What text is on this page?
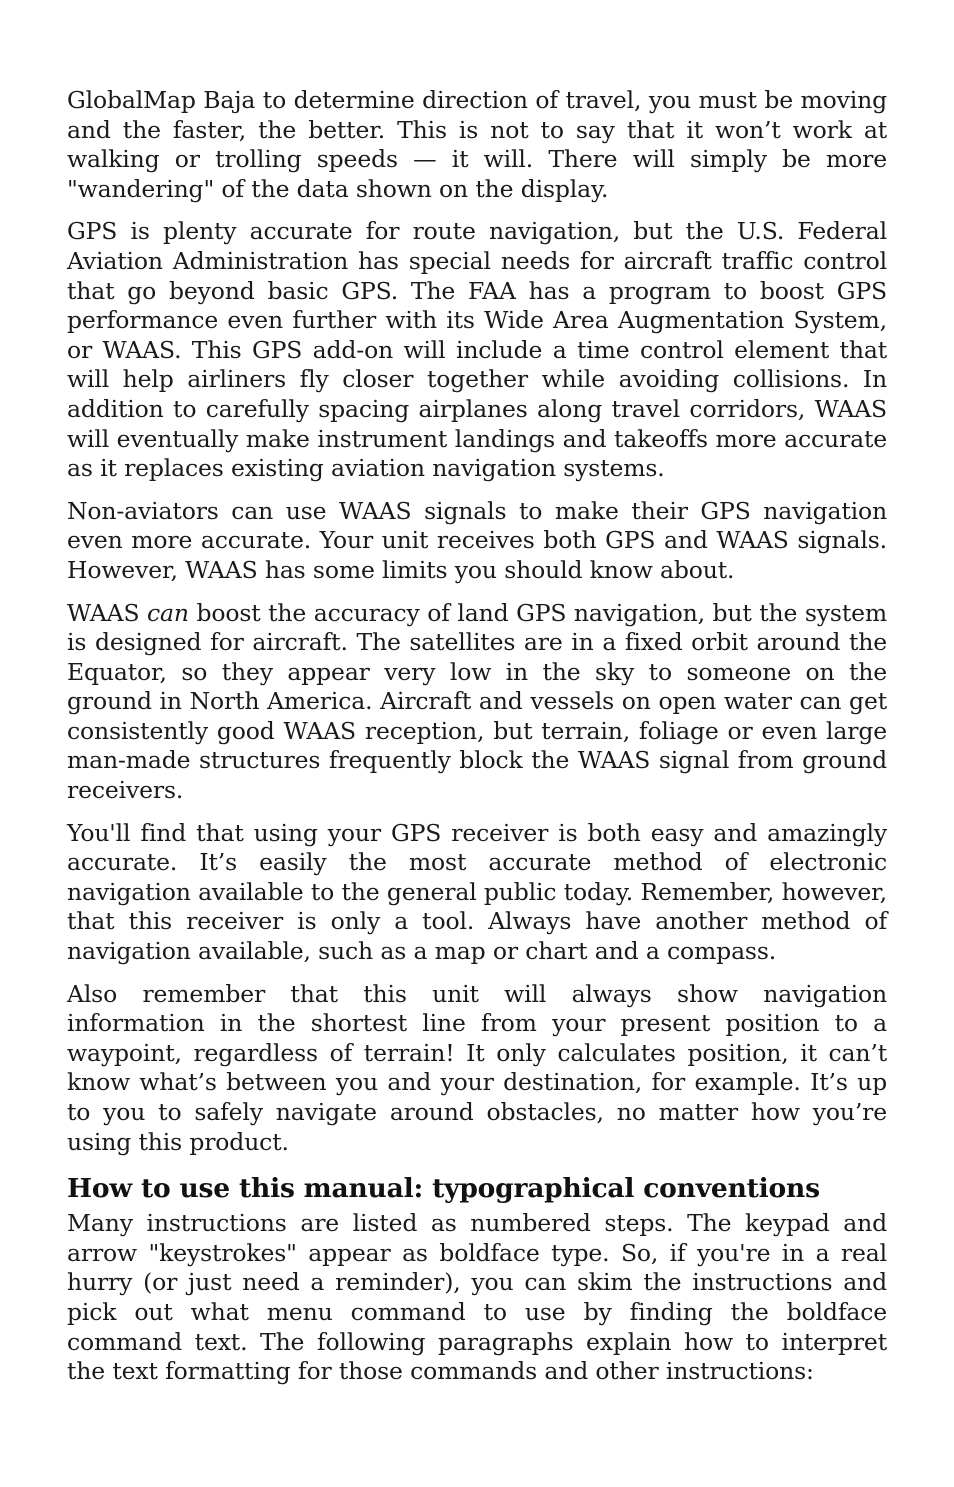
GlobalMap Baja to determine direction of travel, you must be moving and the faster, the better. This is not to say that it won’t work at walking or trolling speeds — it will. There will simply be more "wandering" of the data shown on the display.

GPS is plenty accurate for route navigation, but the U.S. Federal Aviation Administration has special needs for aircraft traffic control that go beyond basic GPS. The FAA has a program to boost GPS performance even further with its Wide Area Augmentation System, or WAAS. This GPS add-on will include a time control element that will help airliners fly closer together while avoiding collisions. In addition to carefully spacing airplanes along travel corridors, WAAS will eventually make instrument landings and takeoffs more accurate as it replaces existing aviation navigation systems.

Non-aviators can use WAAS signals to make their GPS navigation even more accurate. Your unit receives both GPS and WAAS signals. However, WAAS has some limits you should know about.

WAAS can boost the accuracy of land GPS navigation, but the system is designed for aircraft. The satellites are in a fixed orbit around the Equator, so they appear very low in the sky to someone on the ground in North America. Aircraft and vessels on open water can get consistently good WAAS reception, but terrain, foliage or even large man-made structures frequently block the WAAS signal from ground receivers.

You'll find that using your GPS receiver is both easy and amazingly accurate. It’s easily the most accurate method of electronic navigation available to the general public today. Remember, however, that this receiver is only a tool. Always have another method of navigation available, such as a map or chart and a compass.

Also remember that this unit will always show navigation information in the shortest line from your present position to a waypoint, regardless of terrain! It only calculates position, it can’t know what’s between you and your destination, for example. It’s up to you to safely navigate around obstacles, no matter how you’re using this product.

How to use this manual: typographical conventions

Many instructions are listed as numbered steps. The keypad and arrow "keystrokes" appear as boldface type. So, if you're in a real hurry (or just need a reminder), you can skim the instructions and pick out what menu command to use by finding the boldface command text. The following paragraphs explain how to interpret the text formatting for those commands and other instructions:
